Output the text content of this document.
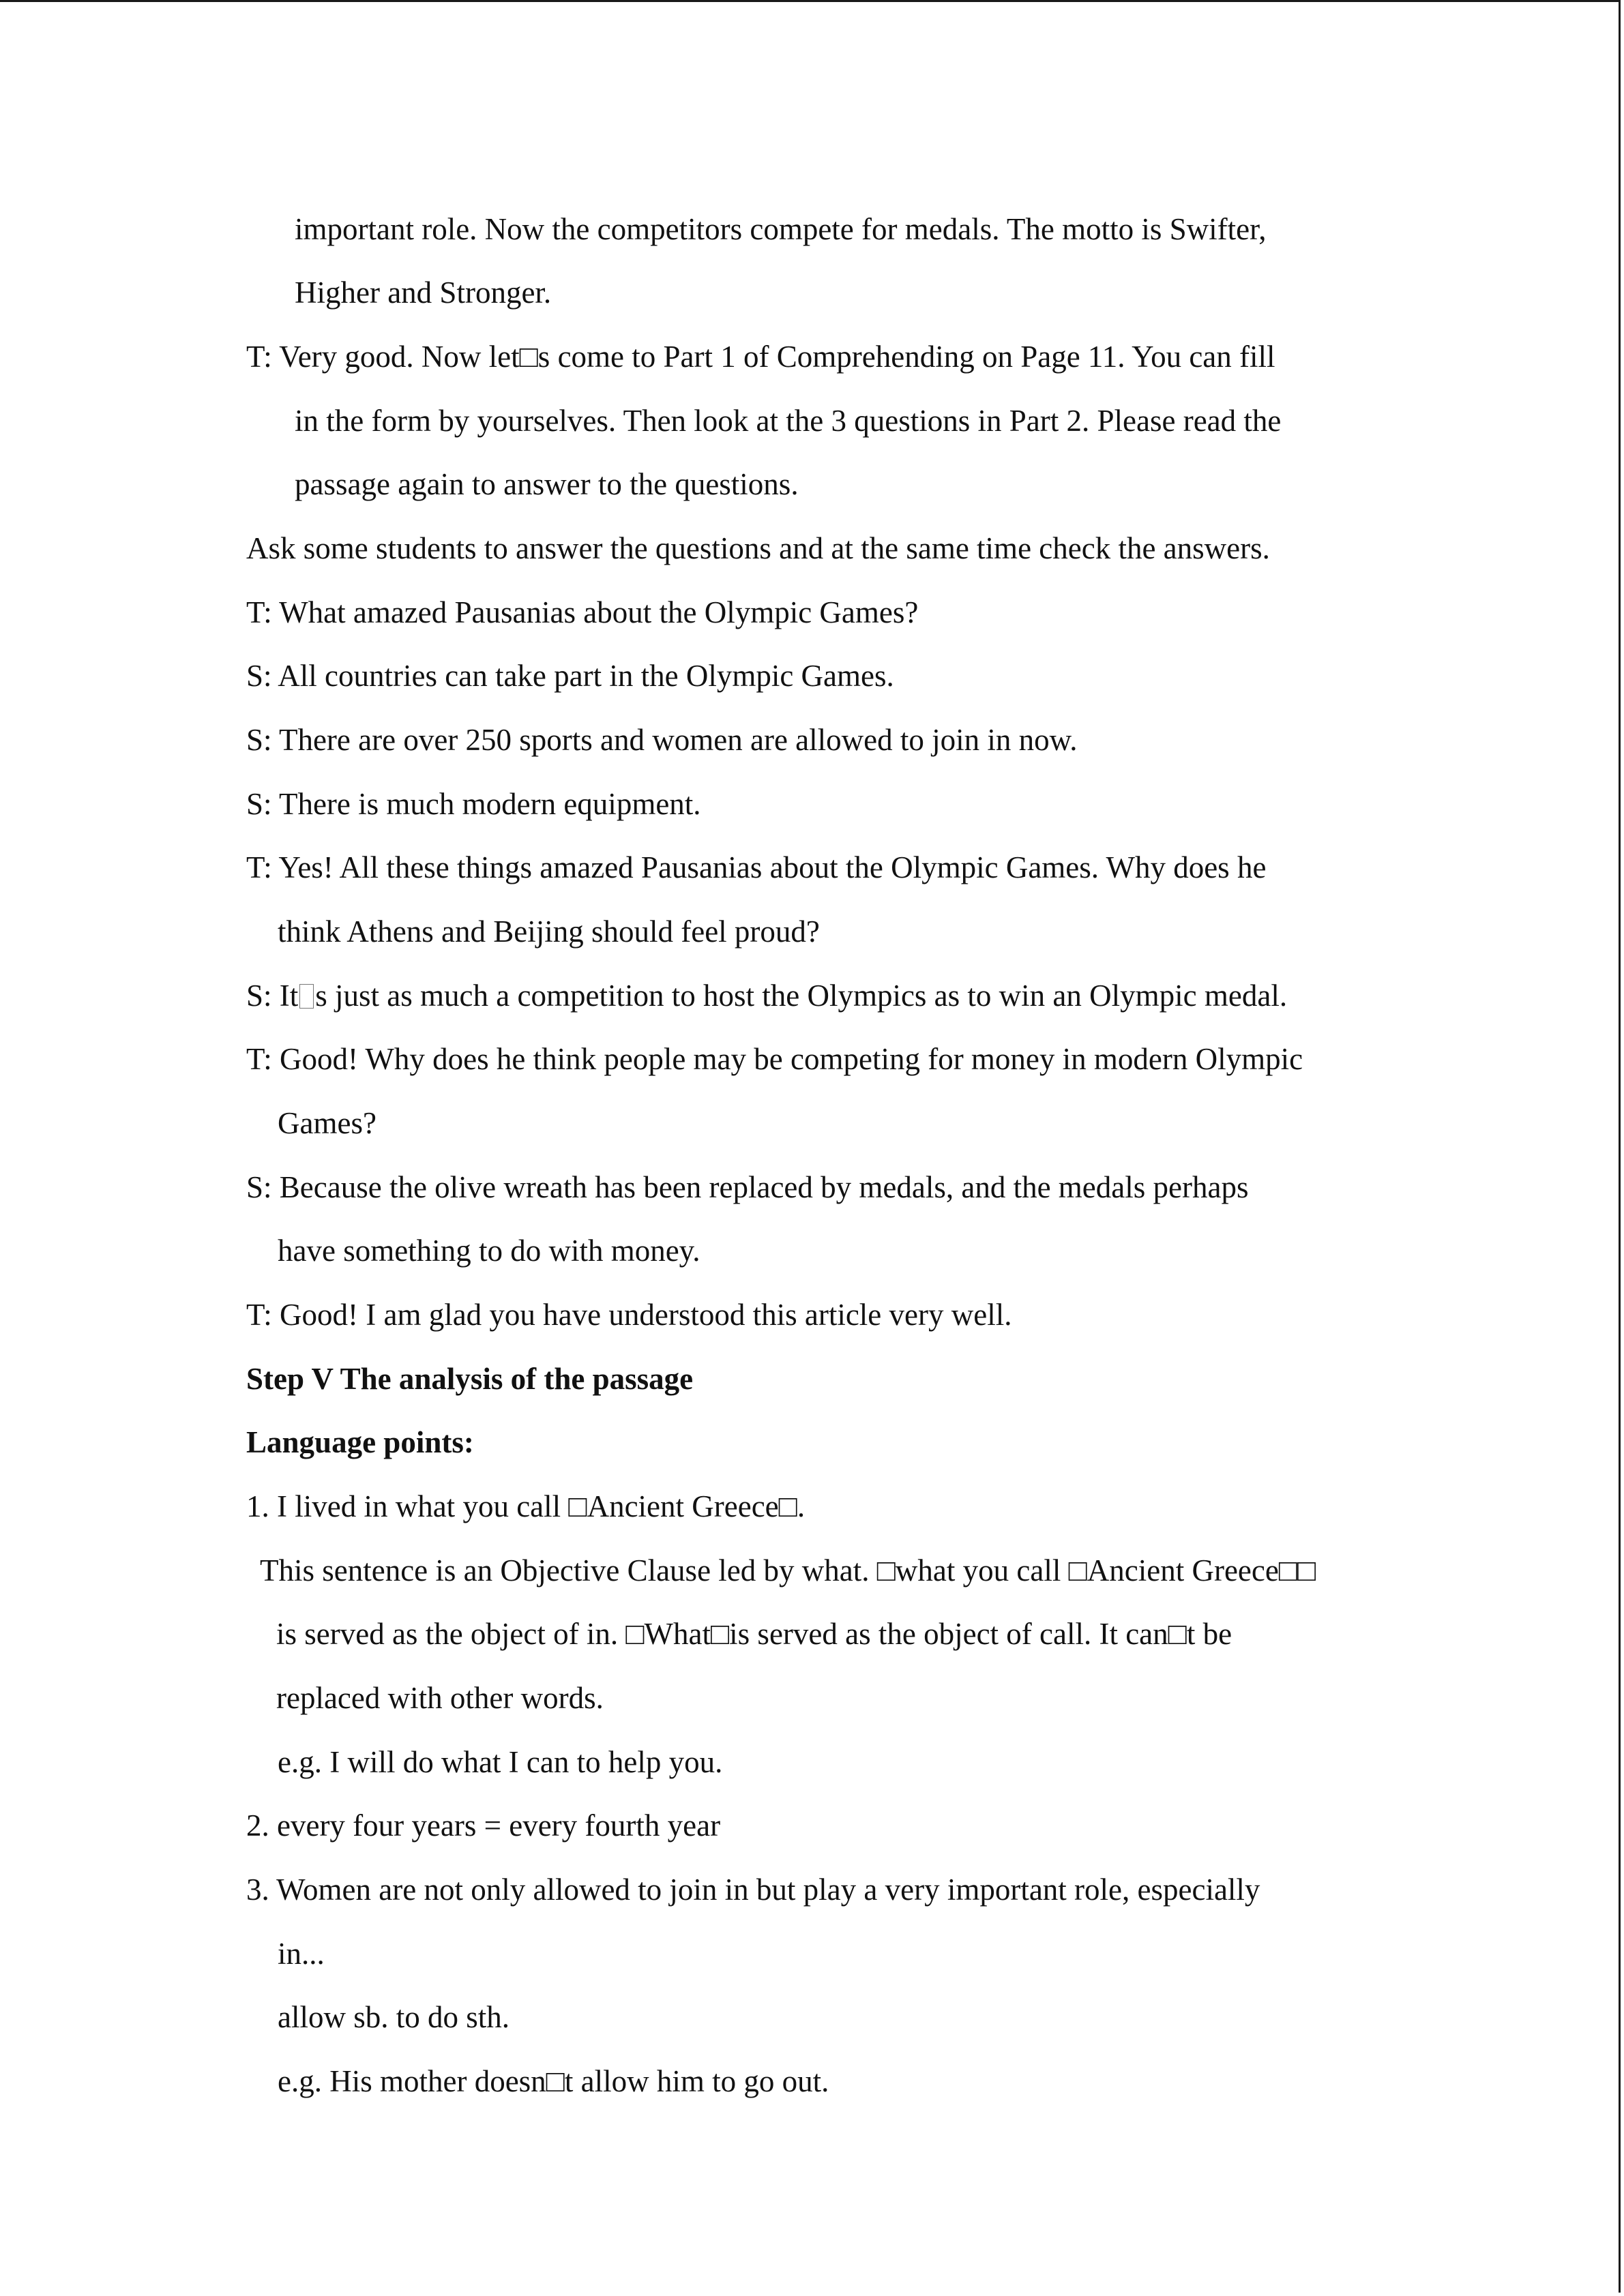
important role. Now the competitors compete for medals. The motto is Swifter,
Higher and Stronger.
T: Very good. Now let□s come to Part 1 of Comprehending on Page 11. You can fill
in the form by yourselves. Then look at the 3 questions in Part 2. Please read the
passage again to answer to the questions.
Ask some students to answer the questions and at the same time check the answers.
T: What amazed Pausanias about the Olympic Games?
S: All countries can take part in the Olympic Games.
S: There are over 250 sports and women are allowed to join in now.
S: There is much modern equipment.
T: Yes! All these things amazed Pausanias about the Olympic Games. Why does he
think Athens and Beijing should feel proud?
S: It s just as much a competition to host the Olympics as to win an Olympic medal.
T: Good! Why does he think people may be competing for money in modern Olympic
Games?
S: Because the olive wreath has been replaced by medals, and the medals perhaps
have something to do with money.
T: Good! I am glad you have understood this article very well.
Step V The analysis of the passage
Language points:
1. I lived in what you call □Ancient Greece□.
This sentence is an Objective Clause led by what. □what you call □Ancient Greece□□
is served as the object of in. □What□is served as the object of call. It can□t be
replaced with other words.
e.g. I will do what I can to help you.
2. every four years = every fourth year
3. Women are not only allowed to join in but play a very important role, especially
in...
allow sb. to do sth.
e.g. His mother doesn□t allow him to go out.
